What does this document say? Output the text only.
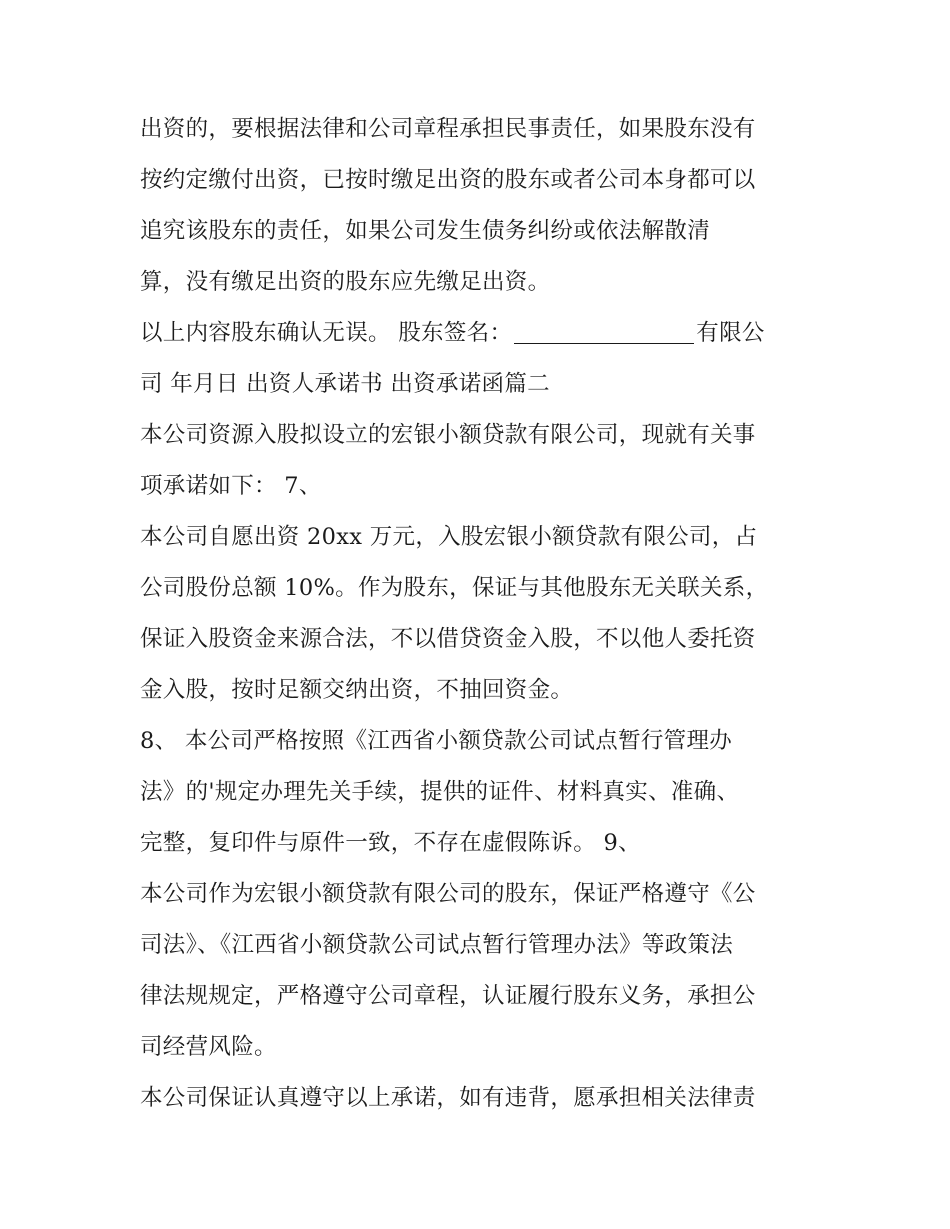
出资的，要根据法律和公司章程承担民事责任，如果股东没有
按约定缴付出资，已按时缴足出资的股东或者公司本身都可以
追究该股东的责任，如果公司发生债务纠纷或依法解散清
算，没有缴足出资的股东应先缴足出资。
以上内容股东确认无误。 股东签名：	有限公
司 年月日 出资人承诺书 出资承诺函篇二
本公司资源入股拟设立的宏银小额贷款有限公司，现就有关事
项承诺如下： 7、
本公司自愿出资 20xx 万元，入股宏银小额贷款有限公司，占
公司股份总额 10%。作为股东，保证与其他股东无关联关系，
保证入股资金来源合法，不以借贷资金入股，不以他人委托资
金入股，按时足额交纳出资，不抽回资金。
8、 本公司严格按照《江西省小额贷款公司试点暂行管理办
法》的'规定办理先关手续，提供的证件、材料真实、准确、
完整，复印件与原件一致，不存在虚假陈诉。 9、
本公司作为宏银小额贷款有限公司的股东，保证严格遵守《公
司法》、《江西省小额贷款公司试点暂行管理办法》等政策法
律法规规定，严格遵守公司章程，认证履行股东义务，承担公
司经营风险。
本公司保证认真遵守以上承诺，如有违背，愿承担相关法律责
